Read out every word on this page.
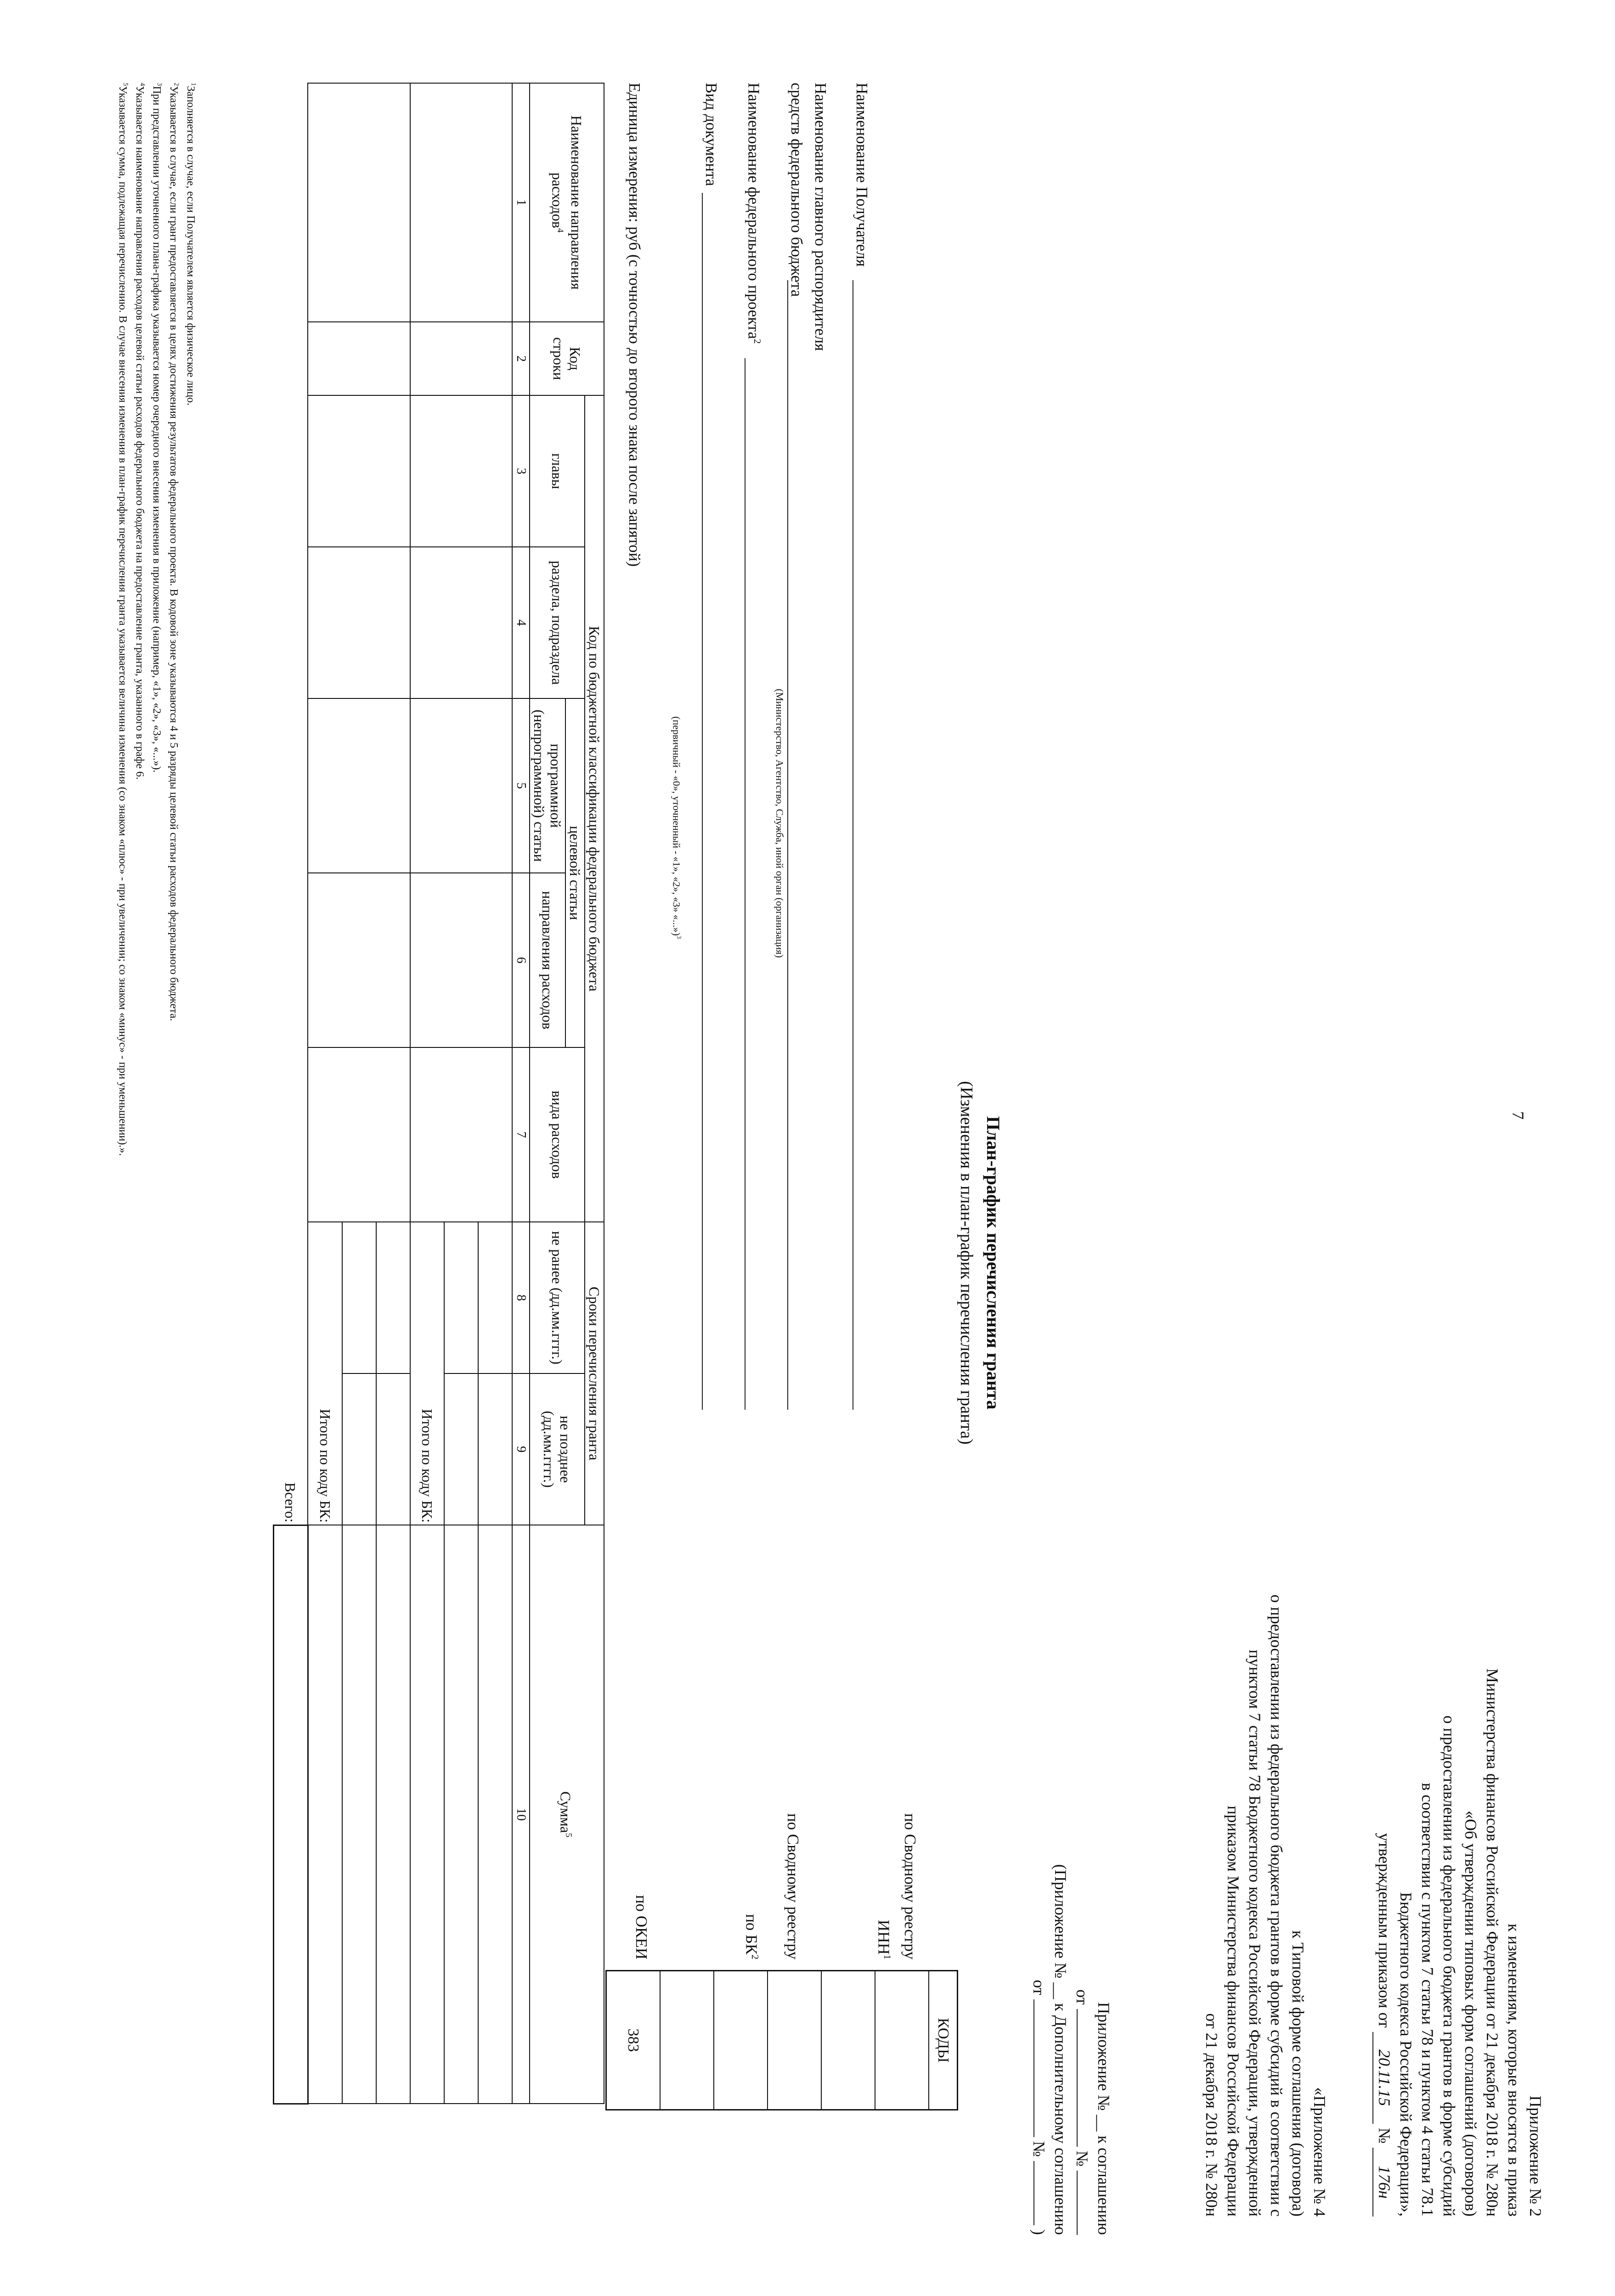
7
Приложение № 2
к изменениям, которые вносятся в приказ
Министерства финансов Российской Федерации от 21 декабря 2018 г. № 280н
«Об утверждении типовых форм соглашений (договоров)
о предоставлении из федерального бюджета грантов в форме субсидий
в соответствии с пунктом 7 статьи 78 и пунктом 4 статьи 78.1
Бюджетного кодекса Российской Федерации»,
утвержденным приказом от 20.11.15 № 176н
«Приложение № 4
к Типовой форме соглашения (договора)
о предоставлении из федерального бюджета грантов в форме субсидий в соответствии с
пунктом 7 статьи 78 Бюджетного кодекса Российской Федерации, утвержденной
приказом Министерства финансов Российской Федерации
от 21 декабря 2018 г. № 280н
Приложение № __ к соглашению
от  №
(Приложение № __ к Дополнительному соглашению
от  №  )
План-график перечисления гранта
(Изменения в план-график перечисления гранта)
КОДЫ
383
по Сводному реестру
ИНН$^1$
по Сводному реестру
по $БК^2$
по ОКЕИ
Наименование Получателя
Наименование главного распорядителя
средств федерального бюджета
(Министерство, Агентство, Служба, иной орган (организация)
Наименование федерального проекта$^2$
Вид документа
(первичный - «0», уточненный - «1», «2», «3» «...»)$^3$
Единица измерения: руб (с точностью до второго знака после запятой)
Наименование направления расходов$^4$	Код строки	Код по бюджетной классификации федерального бюджета					Сроки перечисления гранта		Сумма$^5$
		главы	раздела, подраздела	целевой статьи		вида расходов	не ранее (дд.мм.гггг.)	не позднее (дд.мм.гггг.)	
				программной (непрограммной) статьи	направления расходов				
1	2	3	4	5	6	7	8	9	10

							Итого по коду БК:		

							Итого по коду БК:		
Всего:									
$^1$Заполняется в случае, если Получателем является физическое лицо.
$^2$Указывается в случае, если грант предоставляется в целях достижения результатов федерального проекта. В кодовой зоне указываются 4 и 5 разряды целевой статьи расходов федерального бюджета.
$^3$При представлении уточненного плана-графика указывается номер очередного внесения изменения в приложение (например, «1», «2», «3», «...»).
$^4$Указывается наименование направления расходов целевой статьи расходов федерального бюджета на предоставление гранта, указанного в графе 6.
$^5$Указывается сумма, подлежащая перечислению. В случае внесения изменения в план-график перечисления гранта указывается величина изменения (со знаком «плюс» - при увеличении; со знаком «минус» - при уменьшении).».
